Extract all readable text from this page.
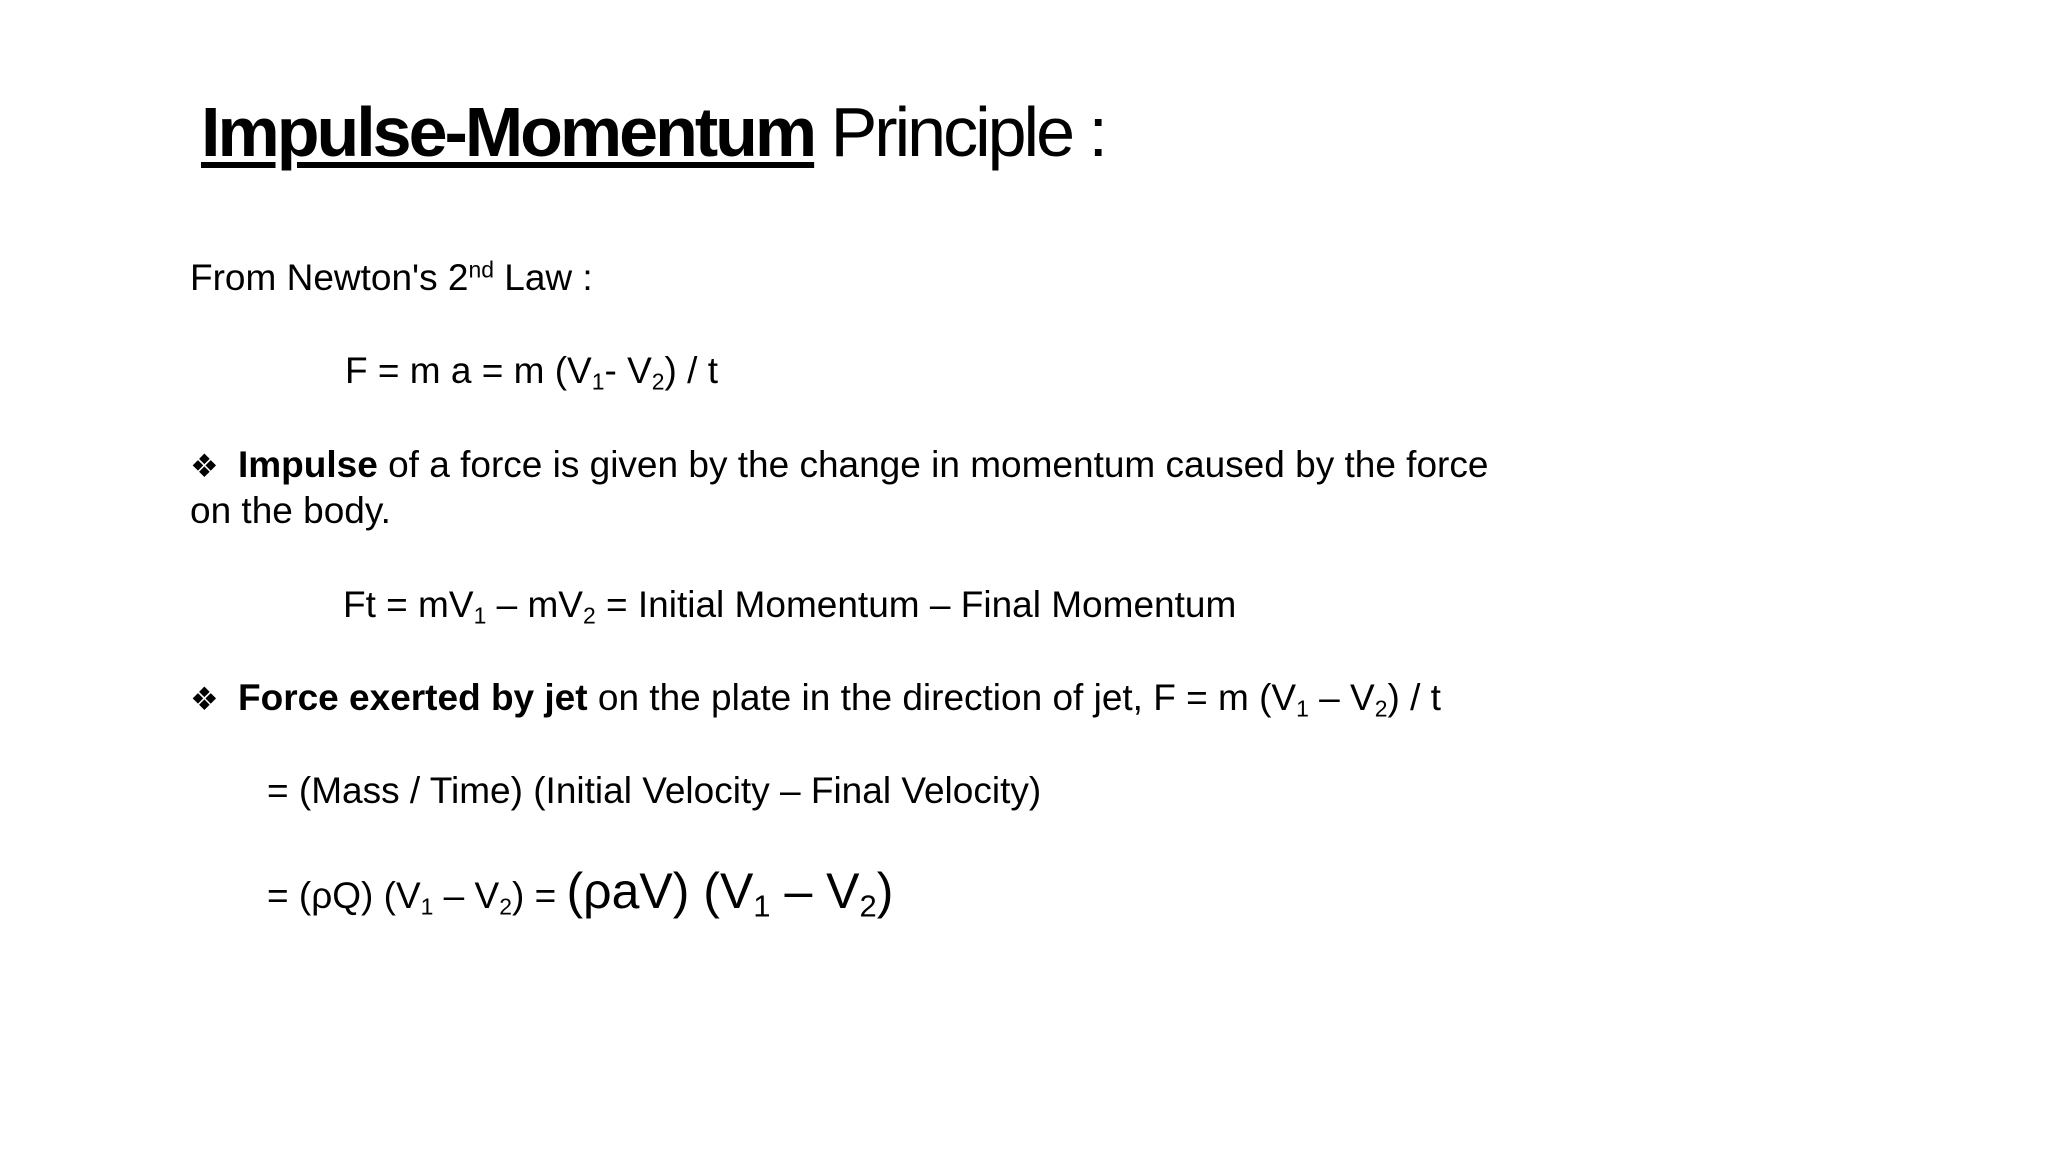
Impulse-Momentum Principle :
From Newton's 2nd Law :
F = m a = m ($V_1-$ $V_2$) / t
❖ Impulse of a force is given by the change in momentum caused by the force
on the body.
$Ft = mV_1 - mV_2$ = Initial Momentum – Final Momentum
❖ Force exerted by jet on the plate in the direction of jet, F = m $(V_1 - V_2)$ / t
= (Mass / Time) (Initial Velocity – Final Velocity)
= (ρQ) $(V_1 - V_2) = (\rho aV)$ $(V_1 - V_2)$
